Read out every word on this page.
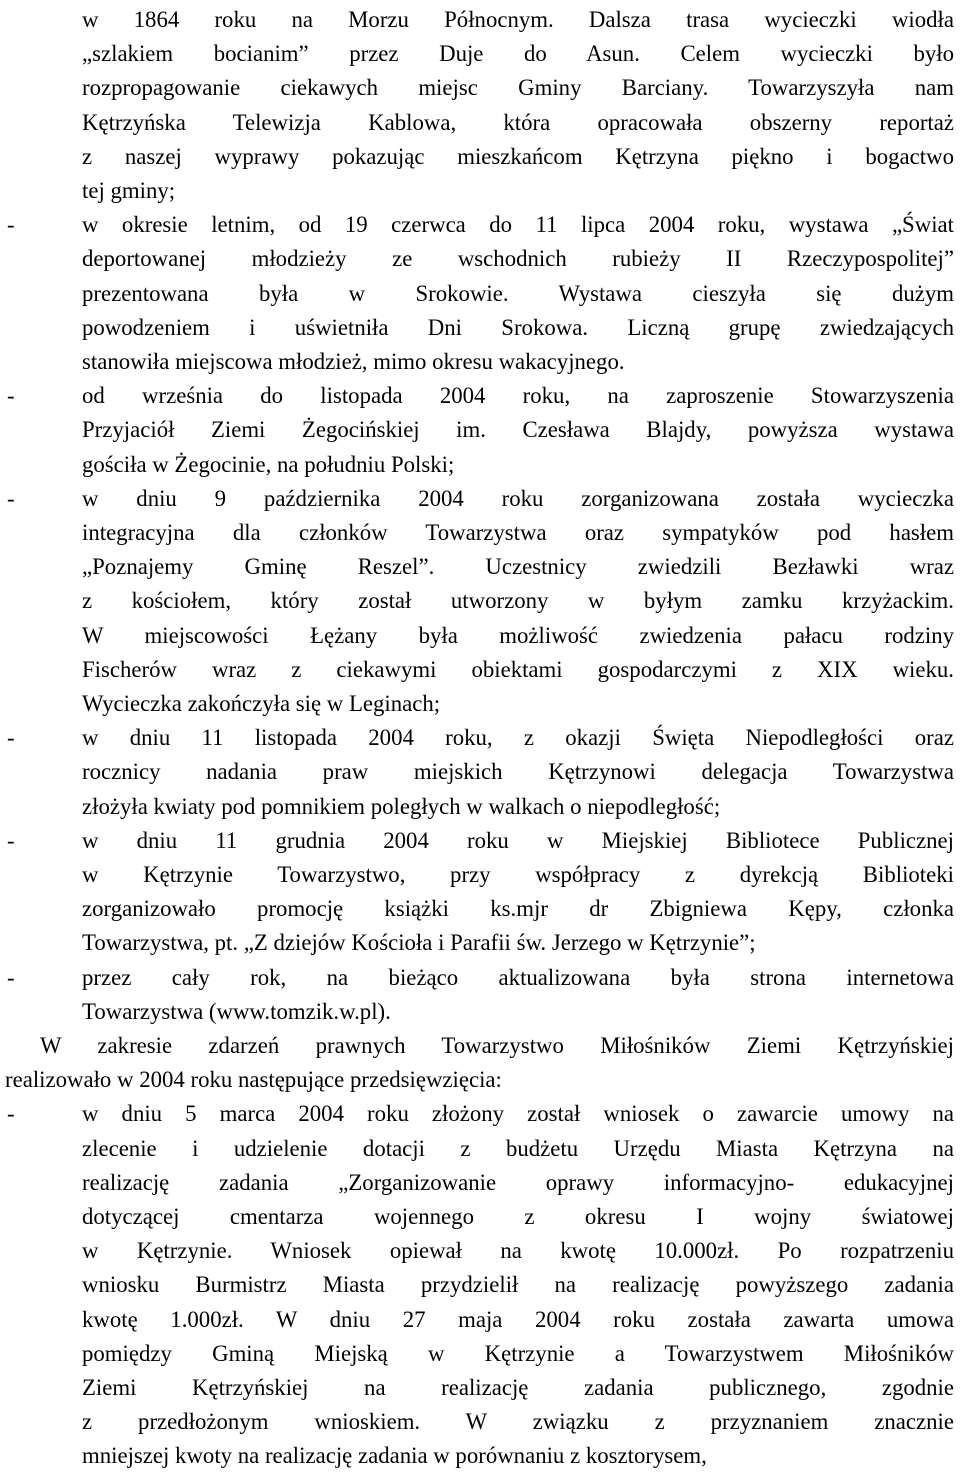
w 1864 roku na Morzu Północnym. Dalsza trasa wycieczki wiodła
„szlakiem bocianim” przez Duje do Asun. Celem wycieczki było
rozpropagowanie ciekawych miejsc Gminy Barciany. Towarzyszyła nam
Kętrzyńska Telewizja Kablowa, która opracowała obszerny reportaż
z naszej wyprawy pokazując mieszkańcom Kętrzyna piękno i bogactwo
tej gminy;
-	w okresie letnim, od 19 czerwca do 11 lipca 2004 roku, wystawa „Świat
deportowanej młodzieży ze wschodnich rubieży II Rzeczypospolitej”
prezentowana była w Srokowie. Wystawa cieszyła się dużym
powodzeniem i uświetniła Dni Srokowa. Liczną grupę zwiedzających
stanowiła miejscowa młodzież, mimo okresu wakacyjnego.
-	od września do listopada 2004 roku, na zaproszenie Stowarzyszenia
Przyjaciół Ziemi Żegocińskiej im. Czesława Blajdy, powyższa wystawa
gościła w Żegocinie, na południu Polski;
-	w dniu 9 października 2004 roku zorganizowana została wycieczka
integracyjna dla członków Towarzystwa oraz sympatyków pod hasłem
„Poznajemy Gminę Reszel”. Uczestnicy zwiedzili Bezławki wraz
z kościołem, który został utworzony w byłym zamku krzyżackim.
W miejscowości Łężany była możliwość zwiedzenia pałacu rodziny
Fischerów wraz z ciekawymi obiektami gospodarczymi z XIX wieku.
Wycieczka zakończyła się w Leginach;
-	w dniu 11 listopada 2004 roku, z okazji Święta Niepodległości oraz
rocznicy nadania praw miejskich Kętrzynowi delegacja Towarzystwa
złożyła kwiaty pod pomnikiem poległych w walkach o niepodległość;
-	w dniu 11 grudnia 2004 roku w Miejskiej Bibliotece Publicznej
w Kętrzynie Towarzystwo, przy współpracy z dyrekcją Biblioteki
zorganizowało promocję książki ks.mjr dr Zbigniewa Kępy, członka
Towarzystwa, pt. „Z dziejów Kościoła i Parafii św. Jerzego w Kętrzynie”;
-	przez cały rok, na bieżąco aktualizowana była strona internetowa
Towarzystwa (www.tomzik.w.pl).
W zakresie zdarzeń prawnych Towarzystwo Miłośników Ziemi Kętrzyńskiej
realizowało w 2004 roku następujące przedsięwzięcia:
-	w dniu 5 marca 2004 roku złożony został wniosek o zawarcie umowy na
zlecenie i udzielenie dotacji z budżetu Urzędu Miasta Kętrzyna na
realizację zadania „Zorganizowanie oprawy informacyjno- edukacyjnej
dotyczącej cmentarza wojennego z okresu I wojny światowej
w Kętrzynie. Wniosek opiewał na kwotę 10.000zł. Po rozpatrzeniu
wniosku Burmistrz Miasta przydzielił na realizację powyższego zadania
kwotę 1.000zł. W dniu 27 maja 2004 roku została zawarta umowa
pomiędzy Gminą Miejską w Kętrzynie a Towarzystwem Miłośników
Ziemi Kętrzyńskiej na realizację zadania publicznego, zgodnie
z przedłożonym wnioskiem. W związku z przyznaniem znacznie
mniejszej kwoty na realizację zadania w porównaniu z kosztorysem,
